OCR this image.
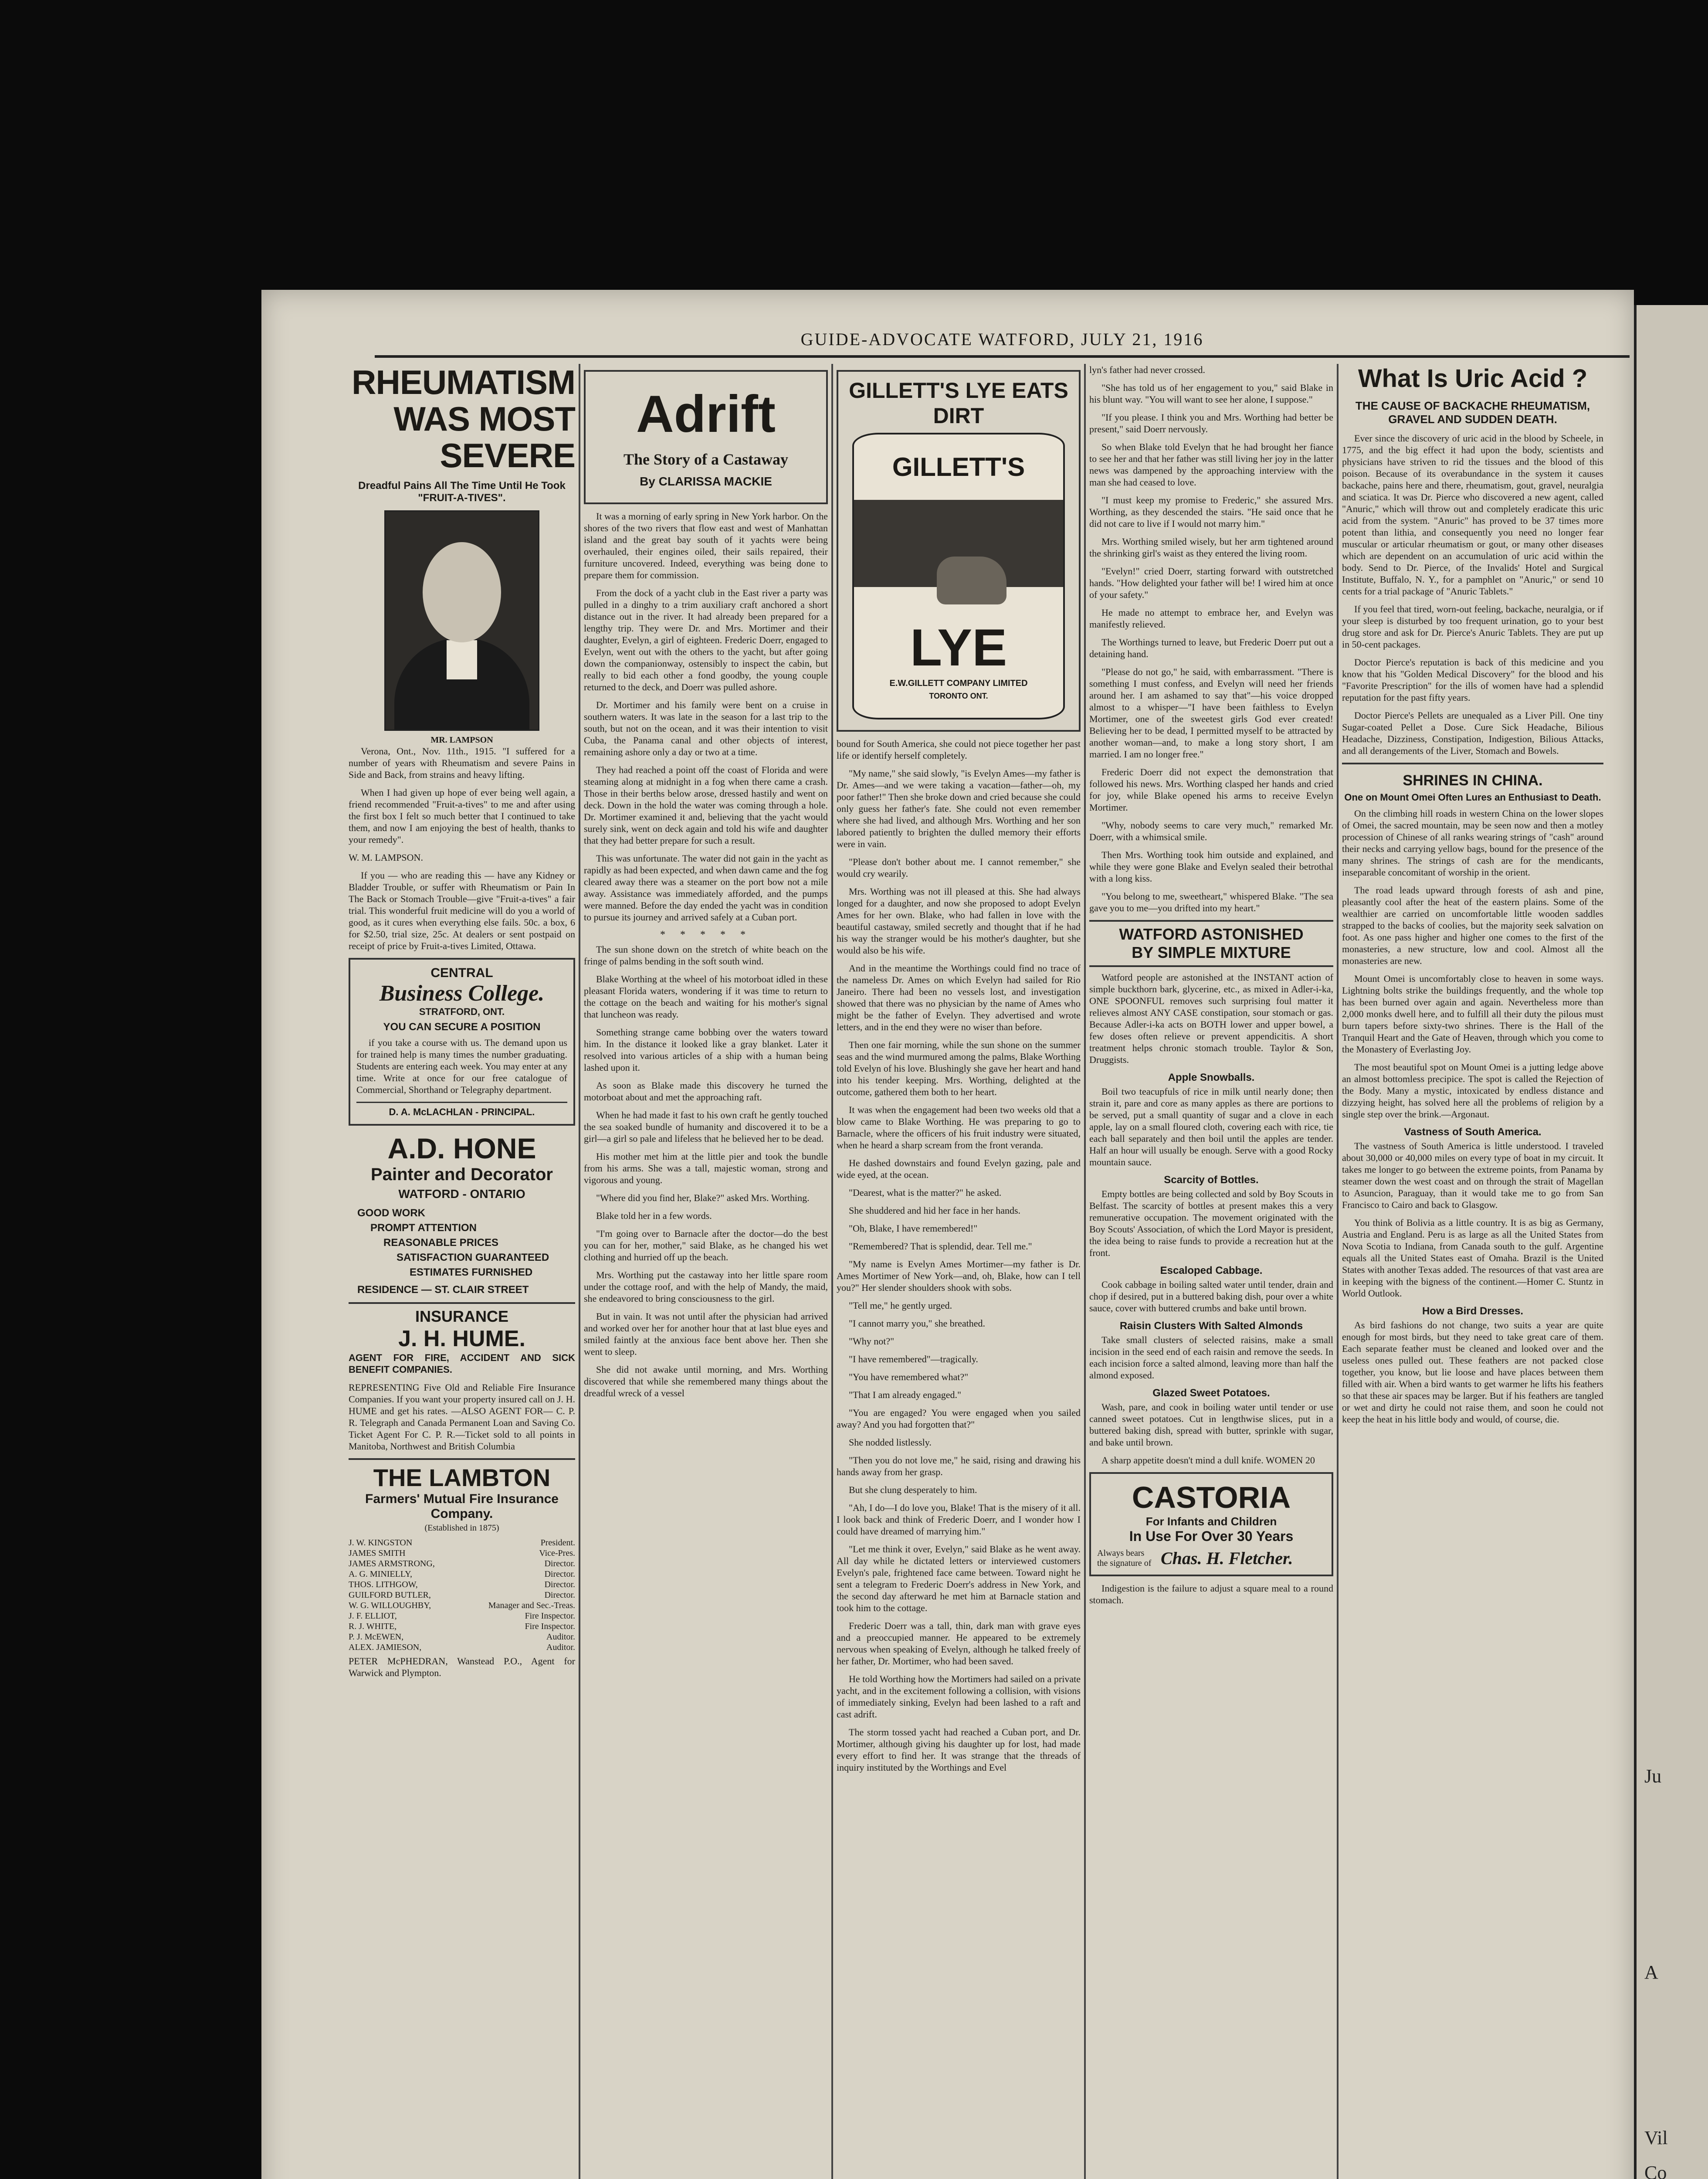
GUIDE-ADVOCATE WATFORD, JULY 21, 1916

RHEUMATISM WAS MOST SEVERE

Dreadful Pains All The Time Until He Took "FRUIT-A-TIVES".

MR. LAMPSON

Verona, Ont., Nov. 11th., 1915. "I suffered for a number of years with Rheumatism and severe Pains in Side and Back, from strains and heavy lifting.

When I had given up hope of ever being well again, a friend recommended "Fruit-a-tives" to me and after using the first box I felt so much better that I continued to take them, and now I am enjoying the best of health, thanks to your remedy".

W. M. LAMPSON.

If you — who are reading this — have any Kidney or Bladder Trouble, or suffer with Rheumatism or Pain In The Back or Stomach Trouble—give "Fruit-a-tives" a fair trial. This wonderful fruit medicine will do you a world of good, as it cures when everything else fails. 50c. a box, 6 for $2.50, trial size, 25c. At dealers or sent postpaid on receipt of price by Fruit-a-tives Limited, Ottawa.

CENTRAL
Business College.
STRATFORD, ONT.
YOU CAN SECURE A POSITION

if you take a course with us. The demand upon us for trained help is many times the number graduating. Students are entering each week. You may enter at any time. Write at once for our free catalogue of Commercial, Shorthand or Telegraphy department.

D. A. McLACHLAN - PRINCIPAL.

A.D. HONE

Painter and Decorator

WATFORD - ONTARIO

GOOD WORK
PROMPT ATTENTION
REASONABLE PRICES
SATISFACTION GUARANTEED
ESTIMATES FURNISHED
RESIDENCE — ST. CLAIR STREET

INSURANCE

J. H. HUME.

AGENT FOR FIRE, ACCIDENT AND SICK BENEFIT COMPANIES.

REPRESENTING Five Old and Reliable Fire Insurance Companies. If you want your property insured call on J. H. HUME and get his rates. —ALSO AGENT FOR— C. P. R. Telegraph and Canada Permanent Loan and Saving Co. Ticket Agent For C. P. R.—Ticket sold to all points in Manitoba, Northwest and British Columbia

THE LAMBTON

Farmers' Mutual Fire Insurance Company.

(Established in 1875)

J. W. KINGSTON	President.
JAMES SMITH	Vice-Pres.
JAMES ARMSTRONG,	Director.
A. G. MINIELLY,	Director.
THOS. LITHGOW,	Director.
GUILFORD BUTLER,	Director.
W. G. WILLOUGHBY,	Manager and Sec.-Treas.
J. F. ELLIOT,	Fire Inspector.
R. J. WHITE,	Fire Inspector.
P. J. McEWEN,	Auditor.
ALEX. JAMIESON,	Auditor.

PETER McPHEDRAN, Wanstead P.O., Agent for Warwick and Plympton.

Adrift

The Story of a Castaway

By CLARISSA MACKIE

It was a morning of early spring in New York harbor. On the shores of the two rivers that flow east and west of Manhattan island and the great bay south of it yachts were being overhauled, their engines oiled, their sails repaired, their furniture uncovered. Indeed, everything was being done to prepare them for commission.

From the dock of a yacht club in the East river a party was pulled in a dinghy to a trim auxiliary craft anchored a short distance out in the river. It had already been prepared for a lengthy trip. They were Dr. and Mrs. Mortimer and their daughter, Evelyn, a girl of eighteen. Frederic Doerr, engaged to Evelyn, went out with the others to the yacht, but after going down the companionway, ostensibly to inspect the cabin, but really to bid each other a fond goodby, the young couple returned to the deck, and Doerr was pulled ashore.

Dr. Mortimer and his family were bent on a cruise in southern waters. It was late in the season for a last trip to the south, but not on the ocean, and it was their intention to visit Cuba, the Panama canal and other objects of interest, remaining ashore only a day or two at a time.

They had reached a point off the coast of Florida and were steaming along at midnight in a fog when there came a crash. Those in their berths below arose, dressed hastily and went on deck. Down in the hold the water was coming through a hole. Dr. Mortimer examined it and, believing that the yacht would surely sink, went on deck again and told his wife and daughter that they had better prepare for such a result.

This was unfortunate. The water did not gain in the yacht as rapidly as had been expected, and when dawn came and the fog cleared away there was a steamer on the port bow not a mile away. Assistance was immediately afforded, and the pumps were manned. Before the day ended the yacht was in condition to pursue its journey and arrived safely at a Cuban port.

* * * * *

The sun shone down on the stretch of white beach on the fringe of palms bending in the soft south wind.

Blake Worthing at the wheel of his motorboat idled in these pleasant Florida waters, wondering if it was time to return to the cottage on the beach and waiting for his mother's signal that luncheon was ready.

Something strange came bobbing over the waters toward him. In the distance it looked like a gray blanket. Later it resolved into various articles of a ship with a human being lashed upon it.

As soon as Blake made this discovery he turned the motorboat about and met the approaching raft.

When he had made it fast to his own craft he gently touched the sea soaked bundle of humanity and discovered it to be a girl—a girl so pale and lifeless that he believed her to be dead.

His mother met him at the little pier and took the bundle from his arms. She was a tall, majestic woman, strong and vigorous and young.

"Where did you find her, Blake?" asked Mrs. Worthing.

Blake told her in a few words.

"I'm going over to Barnacle after the doctor—do the best you can for her, mother," said Blake, as he changed his wet clothing and hurried off up the beach.

Mrs. Worthing put the castaway into her little spare room under the cottage roof, and with the help of Mandy, the maid, she endeavored to bring consciousness to the girl.

But in vain. It was not until after the physician had arrived and worked over her for another hour that at last blue eyes and smiled faintly at the anxious face bent above her. Then she went to sleep.

She did not awake until morning, and Mrs. Worthing discovered that while she remembered many things about the dreadful wreck of a vessel

GILLETT'S LYE EATS DIRT

GILLETT'S
LYE
E.W.GILLETT COMPANY LIMITED
TORONTO ONT.

bound for South America, she could not piece together her past life or identify herself completely.

"My name," she said slowly, "is Evelyn Ames—my father is Dr. Ames—and we were taking a vacation—father—oh, my poor father!" Then she broke down and cried because she could only guess her father's fate. She could not even remember where she had lived, and although Mrs. Worthing and her son labored patiently to brighten the dulled memory their efforts were in vain.

"Please don't bother about me. I cannot remember," she would cry wearily.

Mrs. Worthing was not ill pleased at this. She had always longed for a daughter, and now she proposed to adopt Evelyn Ames for her own. Blake, who had fallen in love with the beautiful castaway, smiled secretly and thought that if he had his way the stranger would be his mother's daughter, but she would also be his wife.

And in the meantime the Worthings could find no trace of the nameless Dr. Ames on which Evelyn had sailed for Rio Janeiro. There had been no vessels lost, and investigation showed that there was no physician by the name of Ames who might be the father of Evelyn. They advertised and wrote letters, and in the end they were no wiser than before.

Then one fair morning, while the sun shone on the summer seas and the wind murmured among the palms, Blake Worthing told Evelyn of his love. Blushingly she gave her heart and hand into his tender keeping. Mrs. Worthing, delighted at the outcome, gathered them both to her heart.

It was when the engagement had been two weeks old that a blow came to Blake Worthing. He was preparing to go to Barnacle, where the officers of his fruit industry were situated, when he heard a sharp scream from the front veranda.

He dashed downstairs and found Evelyn gazing, pale and wide eyed, at the ocean.

"Dearest, what is the matter?" he asked.

She shuddered and hid her face in her hands.

"Oh, Blake, I have remembered!"

"Remembered? That is splendid, dear. Tell me."

"My name is Evelyn Ames Mortimer—my father is Dr. Ames Mortimer of New York—and, oh, Blake, how can I tell you?" Her slender shoulders shook with sobs.

"Tell me," he gently urged.

"I cannot marry you," she breathed.

"Why not?"

"I have remembered"—tragically.

"You have remembered what?"

"That I am already engaged."

"You are engaged? You were engaged when you sailed away? And you had forgotten that?"

She nodded listlessly.

"Then you do not love me," he said, rising and drawing his hands away from her grasp.

But she clung desperately to him.

"Ah, I do—I do love you, Blake! That is the misery of it all. I look back and think of Frederic Doerr, and I wonder how I could have dreamed of marrying him."

"Let me think it over, Evelyn," said Blake as he went away. All day while he dictated letters or interviewed customers Evelyn's pale, frightened face came between. Toward night he sent a telegram to Frederic Doerr's address in New York, and the second day afterward he met him at Barnacle station and took him to the cottage.

Frederic Doerr was a tall, thin, dark man with grave eyes and a preoccupied manner. He appeared to be extremely nervous when speaking of Evelyn, although he talked freely of her father, Dr. Mortimer, who had been saved.

He told Worthing how the Mortimers had sailed on a private yacht, and in the excitement following a collision, with visions of immediately sinking, Evelyn had been lashed to a raft and cast adrift.

The storm tossed yacht had reached a Cuban port, and Dr. Mortimer, although giving his daughter up for lost, had made every effort to find her. It was strange that the threads of inquiry instituted by the Worthings and Evel

lyn's father had never crossed.

"She has told us of her engagement to you," said Blake in his blunt way. "You will want to see her alone, I suppose."

"If you please. I think you and Mrs. Worthing had better be present," said Doerr nervously.

So when Blake told Evelyn that he had brought her fiance to see her and that her father was still living her joy in the latter news was dampened by the approaching interview with the man she had ceased to love.

"I must keep my promise to Frederic," she assured Mrs. Worthing, as they descended the stairs. "He said once that he did not care to live if I would not marry him."

Mrs. Worthing smiled wisely, but her arm tightened around the shrinking girl's waist as they entered the living room.

"Evelyn!" cried Doerr, starting forward with outstretched hands. "How delighted your father will be! I wired him at once of your safety."

He made no attempt to embrace her, and Evelyn was manifestly relieved.

The Worthings turned to leave, but Frederic Doerr put out a detaining hand.

"Please do not go," he said, with embarrassment. "There is something I must confess, and Evelyn will need her friends around her. I am ashamed to say that"—his voice dropped almost to a whisper—"I have been faithless to Evelyn Mortimer, one of the sweetest girls God ever created! Believing her to be dead, I permitted myself to be attracted by another woman—and, to make a long story short, I am married. I am no longer free."

Frederic Doerr did not expect the demonstration that followed his news. Mrs. Worthing clasped her hands and cried for joy, while Blake opened his arms to receive Evelyn Mortimer.

"Why, nobody seems to care very much," remarked Mr. Doerr, with a whimsical smile.

Then Mrs. Worthing took him outside and explained, and while they were gone Blake and Evelyn sealed their betrothal with a long kiss.

"You belong to me, sweetheart," whispered Blake. "The sea gave you to me—you drifted into my heart."

WATFORD ASTONISHED

BY SIMPLE MIXTURE

Watford people are astonished at the INSTANT action of simple buckthorn bark, glycerine, etc., as mixed in Adler-i-ka, ONE SPOONFUL removes such surprising foul matter it relieves almost ANY CASE constipation, sour stomach or gas. Because Adler-i-ka acts on BOTH lower and upper bowel, a few doses often relieve or prevent appendicitis. A short treatment helps chronic stomach trouble. Taylor & Son, Druggists.

Apple Snowballs.

Boil two teacupfuls of rice in milk until nearly done; then strain it, pare and core as many apples as there are portions to be served, put a small quantity of sugar and a clove in each apple, lay on a small floured cloth, covering each with rice, tie each ball separately and then boil until the apples are tender. Half an hour will usually be enough. Serve with a good Rocky mountain sauce.

Scarcity of Bottles.

Empty bottles are being collected and sold by Boy Scouts in Belfast. The scarcity of bottles at present makes this a very remunerative occupation. The movement originated with the Boy Scouts' Association, of which the Lord Mayor is president, the idea being to raise funds to provide a recreation hut at the front.

Escaloped Cabbage.

Cook cabbage in boiling salted water until tender, drain and chop if desired, put in a buttered baking dish, pour over a white sauce, cover with buttered crumbs and bake until brown.

Raisin Clusters With Salted Almonds

Take small clusters of selected raisins, make a small incision in the seed end of each raisin and remove the seeds. In each incision force a salted almond, leaving more than half the almond exposed.

Glazed Sweet Potatoes.

Wash, pare, and cook in boiling water until tender or use canned sweet potatoes. Cut in lengthwise slices, put in a buttered baking dish, spread with butter, sprinkle with sugar, and bake until brown.

A sharp appetite doesn't mind a dull knife. WOMEN 20

CASTORIA

For Infants and Children

In Use For Over 30 Years

Always bears the signature of Chas. H. Fletcher.

Indigestion is the failure to adjust a square meal to a round stomach.

What Is Uric Acid ?

THE CAUSE OF BACKACHE RHEUMATISM, GRAVEL AND SUDDEN DEATH.

Ever since the discovery of uric acid in the blood by Scheele, in 1775, and the big effect it had upon the body, scientists and physicians have striven to rid the tissues and the blood of this poison. Because of its overabundance in the system it causes backache, pains here and there, rheumatism, gout, gravel, neuralgia and sciatica. It was Dr. Pierce who discovered a new agent, called "Anuric," which will throw out and completely eradicate this uric acid from the system. "Anuric" has proved to be 37 times more potent than lithia, and consequently you need no longer fear muscular or articular rheumatism or gout, or many other diseases which are dependent on an accumulation of uric acid within the body. Send to Dr. Pierce, of the Invalids' Hotel and Surgical Institute, Buffalo, N. Y., for a pamphlet on "Anuric," or send 10 cents for a trial package of "Anuric Tablets."

If you feel that tired, worn-out feeling, backache, neuralgia, or if your sleep is disturbed by too frequent urination, go to your best drug store and ask for Dr. Pierce's Anuric Tablets. They are put up in 50-cent packages.

Doctor Pierce's reputation is back of this medicine and you know that his "Golden Medical Discovery" for the blood and his "Favorite Prescription" for the ills of women have had a splendid reputation for the past fifty years.

Doctor Pierce's Pellets are unequaled as a Liver Pill. One tiny Sugar-coated Pellet a Dose. Cure Sick Headache, Bilious Headache, Dizziness, Constipation, Indigestion, Bilious Attacks, and all derangements of the Liver, Stomach and Bowels.

SHRINES IN CHINA.

One on Mount Omei Often Lures an Enthusiast to Death.

On the climbing hill roads in western China on the lower slopes of Omei, the sacred mountain, may be seen now and then a motley procession of Chinese of all ranks wearing strings of "cash" around their necks and carrying yellow bags, bound for the presence of the many shrines. The strings of cash are for the mendicants, inseparable concomitant of worship in the orient.

The road leads upward through forests of ash and pine, pleasantly cool after the heat of the eastern plains. Some of the wealthier are carried on uncomfortable little wooden saddles strapped to the backs of coolies, but the majority seek salvation on foot. As one pass higher and higher one comes to the first of the monasteries, a new structure, low and cool. Almost all the monasteries are new.

Mount Omei is uncomfortably close to heaven in some ways. Lightning bolts strike the buildings frequently, and the whole top has been burned over again and again. Nevertheless more than 2,000 monks dwell here, and to fulfill all their duty the pilous must burn tapers before sixty-two shrines. There is the Hall of the Tranquil Heart and the Gate of Heaven, through which you come to the Monastery of Everlasting Joy.

The most beautiful spot on Mount Omei is a jutting ledge above an almost bottomless precipice. The spot is called the Rejection of the Body. Many a mystic, intoxicated by endless distance and dizzying height, has solved here all the problems of religion by a single step over the brink.—Argonaut.

Vastness of South America.

The vastness of South America is little understood. I traveled about 30,000 or 40,000 miles on every type of boat in my circuit. It takes me longer to go between the extreme points, from Panama by steamer down the west coast and on through the strait of Magellan to Asuncion, Paraguay, than it would take me to go from San Francisco to Cairo and back to Glasgow.

You think of Bolivia as a little country. It is as big as Germany, Austria and England. Peru is as large as all the United States from Nova Scotia to Indiana, from Canada south to the gulf. Argentine equals all the United States east of Omaha. Brazil is the United States with another Texas added. The resources of that vast area are in keeping with the bigness of the continent.—Homer C. Stuntz in World Outlook.

How a Bird Dresses.

As bird fashions do not change, two suits a year are quite enough for most birds, but they need to take great care of them. Each separate feather must be cleaned and looked over and the useless ones pulled out. These feathers are not packed close together, you know, but lie loose and have places between them filled with air. When a bird wants to get warmer he lifts his feathers so that these air spaces may be larger. But if his feathers are tangled or wet and dirty he could not raise them, and soon he could not keep the heat in his little body and would, of course, die.

Ju
A
Vil
Co
